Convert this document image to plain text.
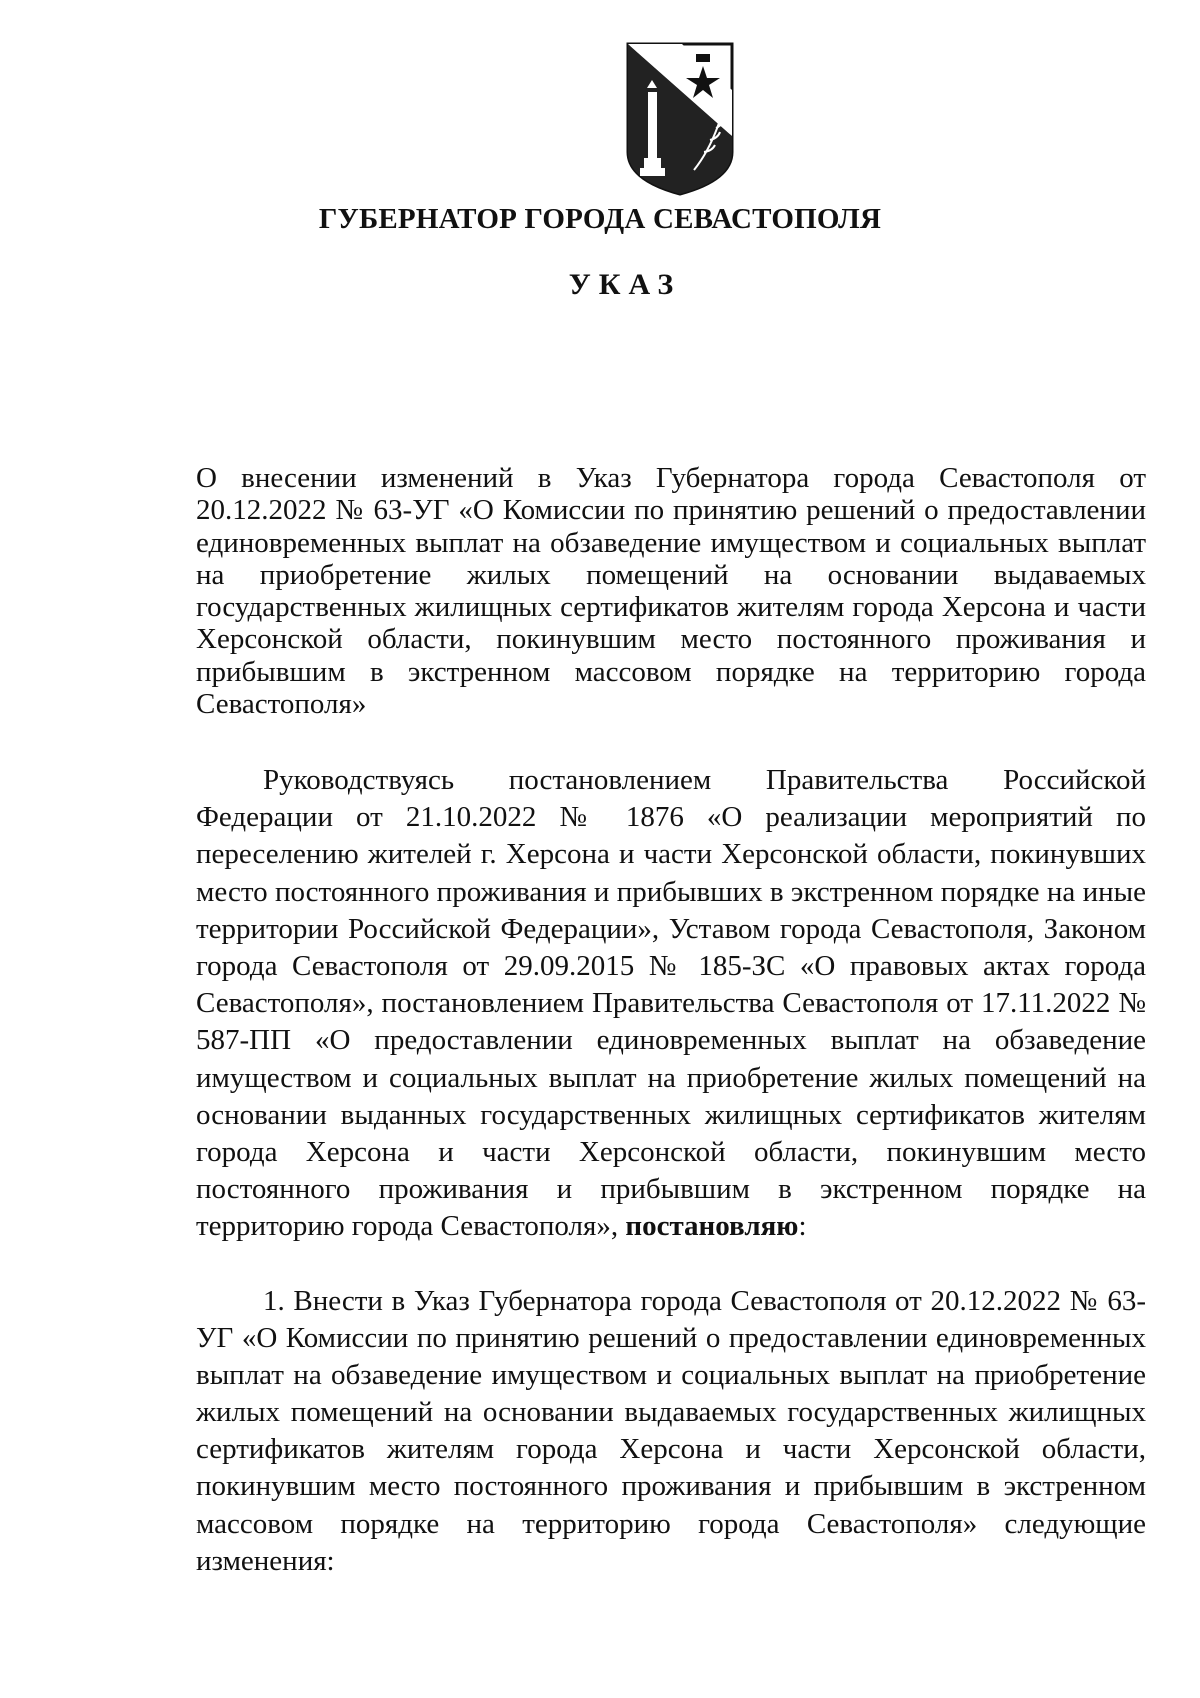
ГУБЕРНАТОР ГОРОДА СЕВАСТОПОЛЯ
УКАЗ
О внесении изменений в Указ Губернатора города Севастополя от 20.12.2022 № 63-УГ «О Комиссии по принятию решений о предоставлении единовременных выплат на обзаведение имуществом и социальных выплат на приобретение жилых помещений на основании выдаваемых государственных жилищных сертификатов жителям города Херсона и части Херсонской области, покинувшим место постоянного проживания и прибывшим в экстренном массовом порядке на территорию города Севастополя»

Руководствуясь постановлением Правительства Российской Федерации от 21.10.2022 № 1876 «О реализации мероприятий по переселению жителей г. Херсона и части Херсонской области, покинувших место постоянного проживания и прибывших в экстренном порядке на иные территории Российской Федерации», Уставом города Севастополя, Законом города Севастополя от 29.09.2015 № 185-ЗС «О правовых актах города Севастополя», постановлением Правительства Севастополя от 17.11.2022 № 587-ПП «О предоставлении единовременных выплат на обзаведение имуществом и социальных выплат на приобретение жилых помещений на основании выданных государственных жилищных сертификатов жителям города Херсона и части Херсонской области, покинувшим место постоянного проживания и прибывшим в экстренном порядке на территорию города Севастополя», постановляю:

1. Внести в Указ Губернатора города Севастополя от 20.12.2022 № 63-УГ «О Комиссии по принятию решений о предоставлении единовременных выплат на обзаведение имуществом и социальных выплат на приобретение жилых помещений на основании выдаваемых государственных жилищных сертификатов жителям города Херсона и части Херсонской области, покинувшим место постоянного проживания и прибывшим в экстренном массовом порядке на территорию города Севастополя» следующие изменения:
